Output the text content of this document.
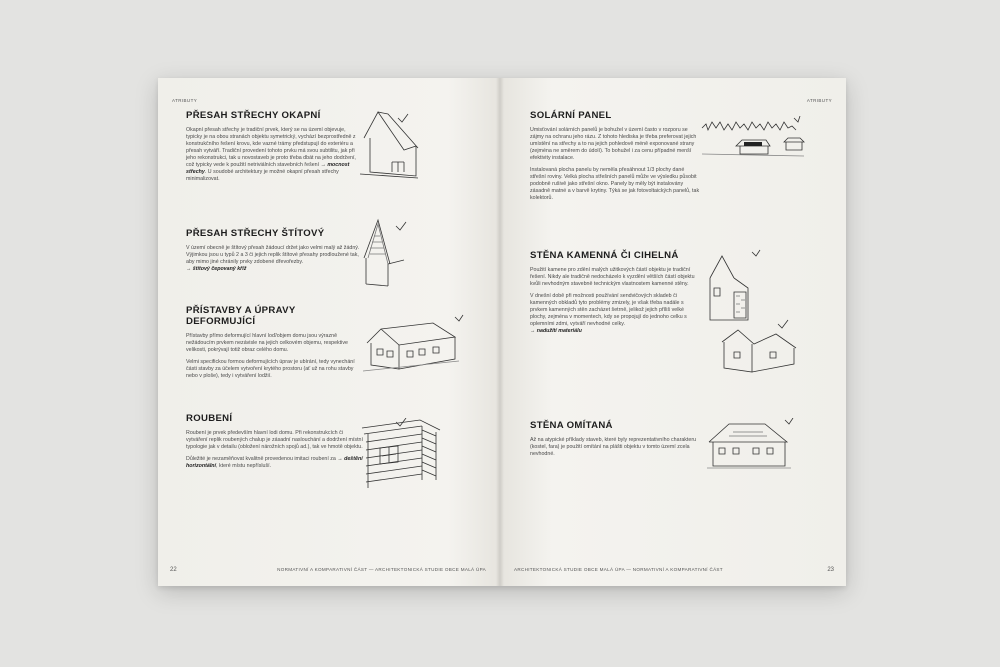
ATRIBUTY
PŘESAH STŘECHY OKAPNÍ

Okapní přesah střechy je tradiční prvek, který se na území objevuje, typicky je na obou stranách objektu symetrický, vychází bezprostředně z konstrukčního řešení krovu, kde vazné trámy předstupují do exteriéru a přesah vytváří. Tradiční provedení tohoto prvku má svou subtilitu, jak při jeho rekonstrukci, tak u novostaveb je proto třeba dbát na jeho dodržení, což typicky vede k použití netriviálních stavebních řešení → mocnost střechy. U soudobé architektury je možné okapní přesah střechy minimalizovat.

PŘESAH STŘECHY ŠTÍTOVÝ

V území obecně je štítový přesah žádoucí držet jako velmi malý až žádný. Výjimkou jsou u typů 2 a 3 či jejich replik štítové přesahy prodloužené tak, aby mimo jiné chránily prvky zdobené dřevořezby.
→ štítový čepovaný kříž

PŘÍSTAVBY A ÚPRAVY DEFORMUJÍCÍ

Přístavby přímo deformující hlavní loď/objem domu jsou výrazně nežádoucím prvkem nezávisle na jejich celkovém objemu, respektive velikosti, pokrývají totiž obraz celého domu.

Velmi specifickou formou deformujících úprav je ubírání, tedy vynechání části stavby za účelem vytvoření krytého prostoru (ať už na rohu stavby nebo v ploše), tedy i vytváření lodžií.

ROUBENÍ

Roubení je prvek především hlavní lodi domu. Při rekonstrukcích či vytváření replik roubených chalup je zásadní naslouchání a dodržení místní typologie jak v detailu (obložení nárožních spojů ad.), tak ve hmotě objektu.

Důležité je nezaměňovat kvalitně provedenou imitaci roubení za → deštění horizontální, které místu nepřísluší.

22	NORMATIVNÍ A KOMPARATIVNÍ ČÁST — ARCHITEKTONICKÁ STUDIE OBCE MALÁ ÚPA
ATRIBUTY
SOLÁRNÍ PANEL

Umisťování solárních panelů je bohužel v území často v rozporu se zájmy na ochranu jeho rázu. Z tohoto hlediska je třeba preferovat jejich umístění na střechy a to na jejich pohledově méně exponované strany (zejména ne směrem do údolí). To bohužel i za cenu případné menší efektivity instalace.

Instalovaná plocha panelu by neměla přesáhnout 1/3 plochy dané střešní roviny. Velká plocha střešních panelů může ve výsledku působit podobně rušivě jako střešní okno. Panely by měly být instalovány zásadně matné a v barvě krytiny. Týká se jak fotovoltaických panelů, tak kolektorů.

STĚNA KAMENNÁ ČI CIHELNÁ

Použití kamene pro zdění malých užitkových částí objektu je tradiční řešení. Nikdy ale tradičně nedocházelo k vyzdění větších částí objektu kvůli nevhodným stavebně technickým vlastnostem kamenné stěny.

V dnešní době při možnosti používání sendvičových skladeb či kamenných obkladů tyto problémy zmizely, je však třeba nadále s prvkem kamenných stěn zacházet šetrně, jelikož jejich příliš velké plochy, zejména v momentech, kdy se propojují do jednoho celku s oplemními zdmi, vytváří nevhodné celky.
→ nadužití materiálu

STĚNA OMÍTANÁ

Až na atypické příklady staveb, které byly reprezentativního charakteru (kostel, fara) je použití omítání na plášti objektu v tomto území zcela nevhodné.

ARCHITEKTONICKÁ STUDIE OBCE MALÁ ÚPA — NORMATIVNÍ A KOMPARATIVNÍ ČÁST	23
